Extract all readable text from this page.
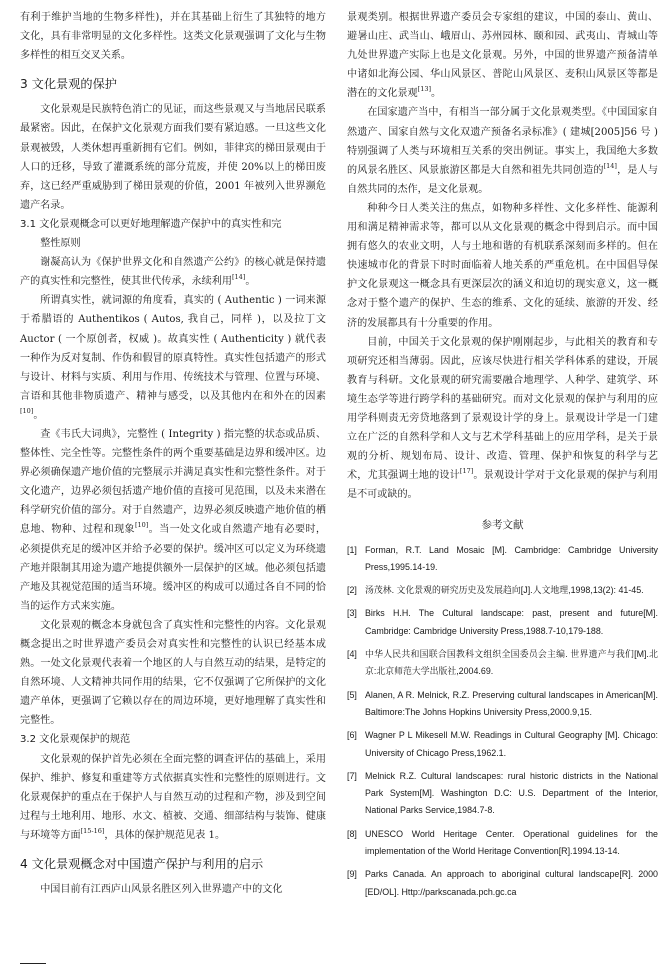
有利于维护当地的生物多样性)，并在其基础上衍生了其独特的地方文化，具有非常明显的文化多样性。这类文化景观强调了文化与生物多样性的相互交叉关系。

3 文化景观的保护

文化景观是民族特色消亡的见证，而这些景观又与当地居民联系最紧密。因此，在保护文化景观方面我们要有紧迫感。一旦这些文化景观被毁，人类休想再重新拥有它们。例如，菲律宾的梯田景观由于人口的迁移，导致了灌溉系统的部分荒废，并使 20%以上的梯田废弃，这已经严重威胁到了梯田景观的价值，2001 年被列入世界濒危遗产名录。

3.1 文化景观概念可以更好地理解遗产保护中的真实性和完
整性原则

谢凝高认为《保护世界文化和自然遗产公约》的核心就是保持遗产的真实性和完整性，使其世代传承，永续利用[14]。

所谓真实性，就词源的角度看，真实的 ( Authentic ) 一词来源于希腊语的 Authentikos ( Autos, 我自己，同样 )，以及拉丁文 Auctor ( 一个原创者，权威 )。故真实性 ( Authenticity ) 就代表一种作为反对复制、作伪和假冒的原真特性。真实性包括遗产的形式与设计、材料与实质、利用与作用、传统技术与管理、位置与环境、言语和其他非物质遗产、精神与感受，以及其他内在和外在的因素[10]。

查《韦氏大词典》，完整性 ( Integrity ) 指完整的状态或品质、整体性、完全性等。完整性条件的两个重要基础是边界和缓冲区。边界必须确保遗产地价值的完整展示并满足真实性和完整性条件。对于文化遗产，边界必须包括遗产地价值的直接可见范围，以及未来潜在科学研究价值的部分。对于自然遗产，边界必须反映遗产地价值的栖息地、物种、过程和现象[10]。当一处文化或自然遗产地有必要时，必须提供充足的缓冲区并给予必要的保护。缓冲区可以定义为环绕遗产地并限制其用途为遗产地提供额外一层保护的区域。他必须包括遗产地及其视觉范围的适当环境。缓冲区的构成可以通过各自不同的恰当的运作方式来实施。

文化景观的概念本身就包含了真实性和完整性的内容。文化景观概念提出之时世界遗产委员会对真实性和完整性的认识已经基本成熟。一处文化景观代表着一个地区的人与自然互动的结果，是特定的自然环境、人文精神共同作用的结果，它不仅强调了它所保护的文化遗产单体，更强调了它赖以存在的周边环境，更好地理解了真实性和完整性。

3.2 文化景观保护的规范

文化景观的保护首先必须在全面完整的调查评估的基础上，采用保护、维护、修复和重建等方式依据真实性和完整性的原则进行。文化景观保护的重点在于保护人与自然互动的过程和产物，涉及到空间过程与土地利用、地形、水文、植被、交通、细部结构与装饰、健康与环境等方面[15-16]，具体的保护规范见表 1。

4 文化景观概念对中国遗产保护与利用的启示

中国目前有江西庐山风景名胜区列入世界遗产中的文化

景观类别。根据世界遗产委员会专家组的建议，中国的泰山、黄山、避暑山庄、武当山、峨眉山、苏州园林、颐和园、武夷山、青城山等九处世界遗产实际上也是文化景观。另外，中国的世界遗产预备清单中诸如北海公园、华山风景区、普陀山风景区、麦积山风景区等都是潜在的文化景观[13]。

在国家遗产当中，有相当一部分属于文化景观类型。《中国国家自然遗产、国家自然与文化双遗产预备名录标准》( 建城[2005]56 号 ) 特别强调了人类与环境相互关系的突出例证。事实上，我国绝大多数的风景名胜区、风景旅游区都是大自然和祖先共同创造的[14]，是人与自然共同的杰作，是文化景观。

种种今日人类关注的焦点，如物种多样性、文化多样性、能源利用和满足精神需求等，都可以从文化景观的概念中得到启示。而中国拥有悠久的农业文明，人与土地和谐的有机联系深刻而多样的。但在快速城市化的背景下时时面临着人地关系的严重危机。在中国倡导保护文化景观这一概念具有更深层次的涵义和迫切的现实意义，这一概念对于整个遗产的保护、生态的维系、文化的延续、旅游的开发、经济的发展都具有十分重要的作用。

目前，中国关于文化景观的保护刚刚起步，与此相关的教育和专项研究还相当薄弱。因此，应该尽快进行相关学科体系的建设，开展教育与科研。文化景观的研究需要融合地理学、人种学、建筑学、环境生态学等进行跨学科的基础研究。而对文化景观的保护与利用的应用学科则责无旁贷地落到了景观设计学的身上。景观设计学是一门建立在广泛的自然科学和人文与艺术学科基础上的应用学科，是关于景观的分析、规划布局、设计、改造、管理、保护和恢复的科学与艺术，尤其强调土地的设计[17]。景观设计学对于文化景观的保护与利用是不可或缺的。

参考文献
[1] Forman, R.T. Land Mosaic [M]. Cambridge: Cambridge University Press,1995.14-19.
[2] 汤茂林. 文化景观的研究历史及发展趋向[J].人文地理,1998,13(2): 41-45.
[3] Birks H.H. The Cultural landscape: past, present and future[M]. Cambridge: Cambridge University Press,1988.7-10,179-188.
[4] 中华人民共和国联合国教科文组织全国委员会主编. 世界遗产与我们[M].北京:北京师范大学出版社,2004.69.
[5] Alanen, A R. Melnick, R.Z. Preserving cultural landscapes in American[M]. Baltimore:The Johns Hopkins University Press,2000.9,15.
[6] Wagner P L Mikesell M.W. Readings in Cultural Geography [M]. Chicago: University of Chicago Press,1962.1.
[7] Melnick R.Z. Cultural landscapes: rural historic districts in the National Park System[M]. Washington D.C: U.S. Department of the Interior, National Parks Service,1984.7-8.
[8] UNESCO World Heritage Center. Operational guidelines for the implementation of the World Heritage Convention[R].1994.13-14.
[9] Parks Canada. An approach to aboriginal cultural landscape[R]. 2000 [ED/OL]. Http://parkscanada.pch.gc.ca
